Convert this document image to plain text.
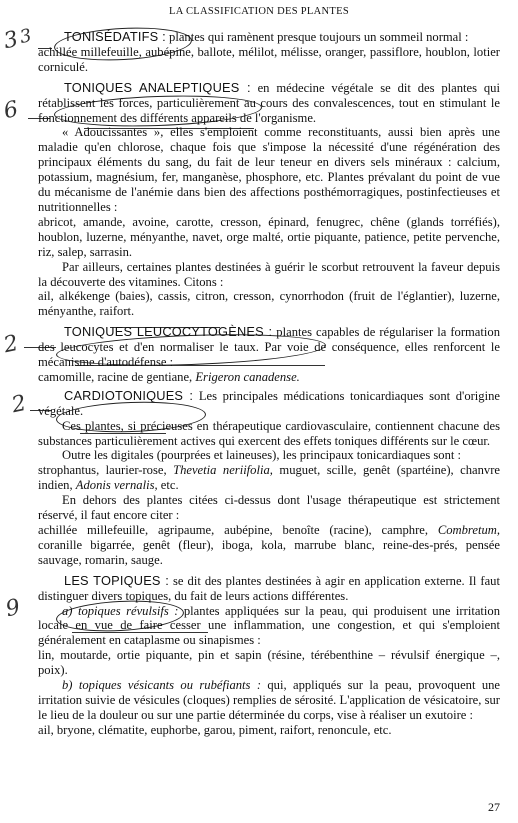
LA CLASSIFICATION DES PLANTES
3
3
6
2
2
9

TONISÉDATIFS : plantes qui ramènent presque toujours un sommeil normal :

achillée millefeuille, aubépine, ballote, mélilot, mélisse, oranger, passiflore, houblon, lotier corniculé.

TONIQUES ANALEPTIQUES : en médecine végétale se dit des plantes qui rétablissent les forces, particulièrement au cours des convalescences, tout en stimulant le fonctionnement des différents appareils de l'organisme.

« Adoucissantes », elles s'emploient comme reconstituants, aussi bien après une maladie qu'en chlorose, chaque fois que s'impose la nécessité d'une régénération des principaux éléments du sang, du fait de leur teneur en divers sels minéraux : calcium, potassium, magnésium, fer, manganèse, phosphore, etc. Plantes prévalant du point de vue du mécanisme de l'anémie dans bien des affections posthémorragiques, postinfectieuses et nutritionnelles :

abricot, amande, avoine, carotte, cresson, épinard, fenugrec, chêne (glands torréfiés), houblon, luzerne, ményanthe, navet, orge malté, ortie piquante, patience, petite pervenche, riz, salep, sarrasin.

Par ailleurs, certaines plantes destinées à guérir le scorbut retrouvent la faveur depuis la découverte des vitamines. Citons :

ail, alkékenge (baies), cassis, citron, cresson, cynorrhodon (fruit de l'églantier), luzerne, ményanthe, raifort.

TONIQUES LEUCOCYTOGÈNES : plantes capables de régulariser la formation des leucocytes et d'en normaliser le taux. Par voie de conséquence, elles renforcent le mécanisme d'autodéfense :

camomille, racine de gentiane, Erigeron canadense.

CARDIOTONIQUES : Les principales médications tonicardiaques sont d'origine végétale.

Ces plantes, si précieuses en thérapeutique cardiovasculaire, contiennent chacune des substances particulièrement actives qui exercent des effets toniques différents sur le cœur.

Outre les digitales (pourprées et laineuses), les principaux tonicardiaques sont :

strophantus, laurier-rose, Thevetia neriifolia, muguet, scille, genêt (spartéine), chanvre indien, Adonis vernalis, etc.

En dehors des plantes citées ci-dessus dont l'usage thérapeutique est strictement réservé, il faut encore citer :

achillée millefeuille, agripaume, aubépine, benoîte (racine), camphre, Combretum, coranille bigarrée, genêt (fleur), iboga, kola, marrube blanc, reine-des-prés, pensée sauvage, romarin, sauge.

LES TOPIQUES : se dit des plantes destinées à agir en application externe. Il faut distinguer divers topiques, du fait de leurs actions différentes.

a) topiques révulsifs : plantes appliquées sur la peau, qui produisent une irritation locale en vue de faire cesser une inflammation, une congestion, et qui s'emploient généralement en cataplasme ou sinapismes :

lin, moutarde, ortie piquante, pin et sapin (résine, térébenthine – révulsif énergique –, poix).

b) topiques vésicants ou rubéfiants : qui, appliqués sur la peau, provoquent une irritation suivie de vésicules (cloques) remplies de sérosité. L'application de vésicatoire, sur le lieu de la douleur ou sur une partie déterminée du corps, vise à réaliser un exutoire :

ail, bryone, clématite, euphorbe, garou, piment, raifort, renoncule, etc.

27
